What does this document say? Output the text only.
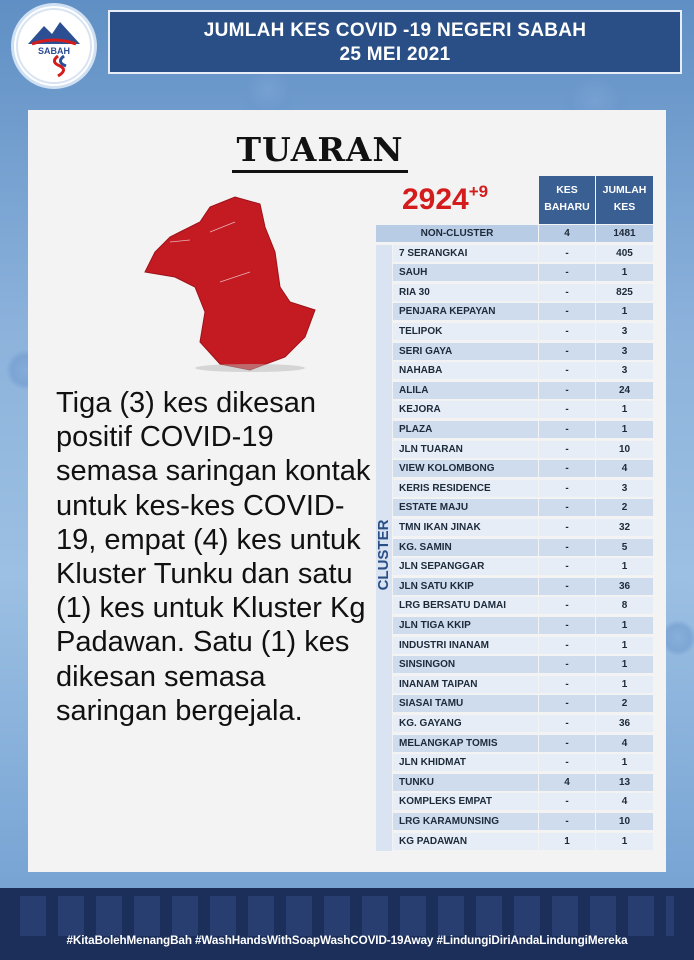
SABAH
JUMLAH KES COVID -19 NEGERI SABAH
25 MEI 2021
TUARAN

Tiga (3) kes dikesan positif COVID-19 semasa saringan kontak untuk kes-kes COVID-19, empat (4) kes untuk Kluster Tunku dan satu (1) kes untuk Kluster Kg Padawan. Satu (1) kes dikesan semasa saringan bergejala.

$2924^{+9}$	KES
BAHARU
JUMLAH
KES
CLUSTER
NON-CLUSTER	4	1481
7 SERANGKAI	-	405
SAUH	-	1
RIA 30	-	825
PENJARA KEPAYAN	-	1
TELIPOK	-	3
SERI GAYA	-	3
NAHABA	-	3
ALILA	-	24
KEJORA	-	1
PLAZA	-	1
JLN TUARAN	-	10
VIEW KOLOMBONG	-	4
KERIS RESIDENCE	-	3
ESTATE MAJU	-	2
TMN IKAN JINAK	-	32
KG. SAMIN	-	5
JLN SEPANGGAR	-	1
JLN SATU KKIP	-	36
LRG BERSATU DAMAI	-	8
JLN TIGA KKIP	-	1
INDUSTRI INANAM	-	1
SINSINGON	-	1
INANAM TAIPAN	-	1
SIASAI TAMU	-	2
KG. GAYANG	-	36
MELANGKAP TOMIS	-	4
JLN KHIDMAT	-	1
TUNKU	4	13
KOMPLEKS EMPAT	-	4
LRG KARAMUNSING	-	10
KG PADAWAN	1	1
#KitaBolehMenangBah #WashHandsWithSoapWashCOVID-19Away #LindungiDiriAndaLindungiMereka
